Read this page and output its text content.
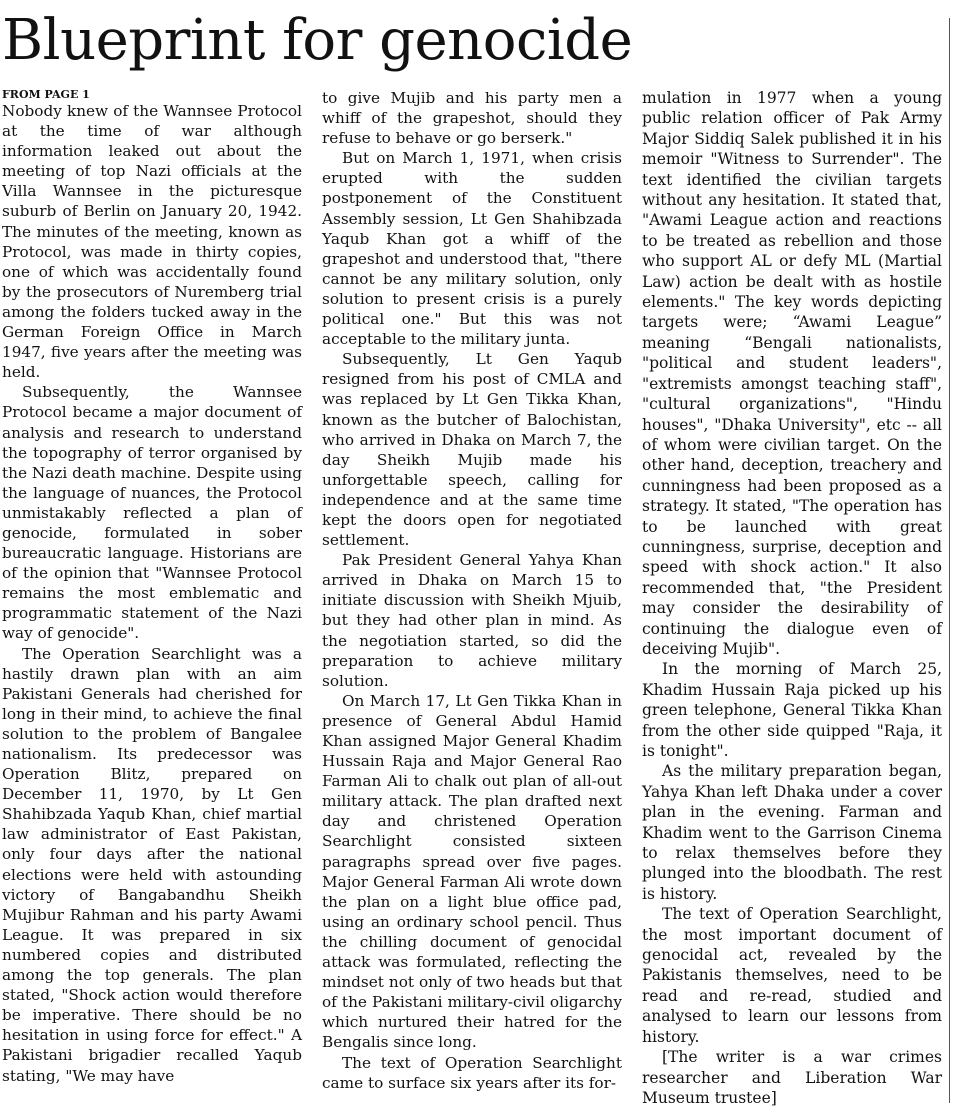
Blueprint for genocide
FROM PAGE 1

Nobody knew of the Wannsee Protocol at the time of war although information leaked out about the meeting of top Nazi officials at the Villa Wannsee in the picturesque suburb of Berlin on January 20, 1942. The minutes of the meeting, known as Protocol, was made in thirty copies, one of which was accidentally found by the prosecutors of Nuremberg trial among the folders tucked away in the German Foreign Office in March 1947, five years after the meeting was held.

Subsequently, the Wannsee Protocol became a major document of analysis and research to understand the topography of terror organised by the Nazi death machine. Despite using the language of nuances, the Protocol unmistakably reflected a plan of genocide, formulated in sober bureaucratic language. Historians are of the opinion that "Wannsee Protocol remains the most emblematic and programmatic statement of the Nazi way of genocide".

The Operation Searchlight was a hastily drawn plan with an aim Pakistani Generals had cherished for long in their mind, to achieve the final solution to the problem of Bangalee nationalism. Its predecessor was Operation Blitz, prepared on December 11, 1970, by Lt Gen Shahibzada Yaqub Khan, chief martial law administrator of East Pakistan, only four days after the national elections were held with astounding victory of Bangabandhu Sheikh Mujibur Rahman and his party Awami League. It was prepared in six numbered copies and distributed among the top generals. The plan stated, "Shock action would therefore be imperative. There should be no hesitation in using force for effect." A Pakistani brigadier recalled Yaqub stating, "We may have

to give Mujib and his party men a whiff of the grapeshot, should they refuse to behave or go berserk."

But on March 1, 1971, when crisis erupted with the sudden postponement of the Constituent Assembly session, Lt Gen Shahibzada Yaqub Khan got a whiff of the grapeshot and understood that, "there cannot be any military solution, only solution to present crisis is a purely political one." But this was not acceptable to the military junta.

Subsequently, Lt Gen Yaqub resigned from his post of CMLA and was replaced by Lt Gen Tikka Khan, known as the butcher of Balochistan, who arrived in Dhaka on March 7, the day Sheikh Mujib made his unforgettable speech, calling for independence and at the same time kept the doors open for negotiated settlement.

Pak President General Yahya Khan arrived in Dhaka on March 15 to initiate discussion with Sheikh Mjuib, but they had other plan in mind. As the negotiation started, so did the preparation to achieve military solution.

On March 17, Lt Gen Tikka Khan in presence of General Abdul Hamid Khan assigned Major General Khadim Hussain Raja and Major General Rao Farman Ali to chalk out plan of all-out military attack. The plan drafted next day and christened Operation Searchlight consisted sixteen paragraphs spread over five pages. Major General Farman Ali wrote down the plan on a light blue office pad, using an ordinary school pencil. Thus the chilling document of genocidal attack was formulated, reflecting the mindset not only of two heads but that of the Pakistani military-civil oligarchy which nurtured their hatred for the Bengalis since long.

The text of Operation Searchlight came to surface six years after its for-

mulation in 1977 when a young public relation officer of Pak Army Major Siddiq Salek published it in his memoir "Witness to Surrender". The text identified the civilian targets without any hesitation. It stated that, "Awami League action and reactions to be treated as rebellion and those who support AL or defy ML (Martial Law) action be dealt with as hostile elements." The key words depicting targets were; “Awami League” meaning “Bengali nationalists, "political and student leaders", "extremists amongst teaching staff", "cultural organizations", "Hindu houses", "Dhaka University", etc -- all of whom were civilian target. On the other hand, deception, treachery and cunningness had been proposed as a strategy. It stated, "The operation has to be launched with great cunningness, surprise, deception and speed with shock action." It also recommended that, "the President may consider the desirability of continuing the dialogue even of deceiving Mujib".

In the morning of March 25, Khadim Hussain Raja picked up his green telephone, General Tikka Khan from the other side quipped "Raja, it is tonight".

As the military preparation began, Yahya Khan left Dhaka under a cover plan in the evening. Farman and Khadim went to the Garrison Cinema to relax themselves before they plunged into the bloodbath. The rest is history.

The text of Operation Searchlight, the most important document of genocidal act, revealed by the Pakistanis themselves, need to be read and re-read, studied and analysed to learn our lessons from history.

[The writer is a war crimes researcher and Liberation War Museum trustee]
